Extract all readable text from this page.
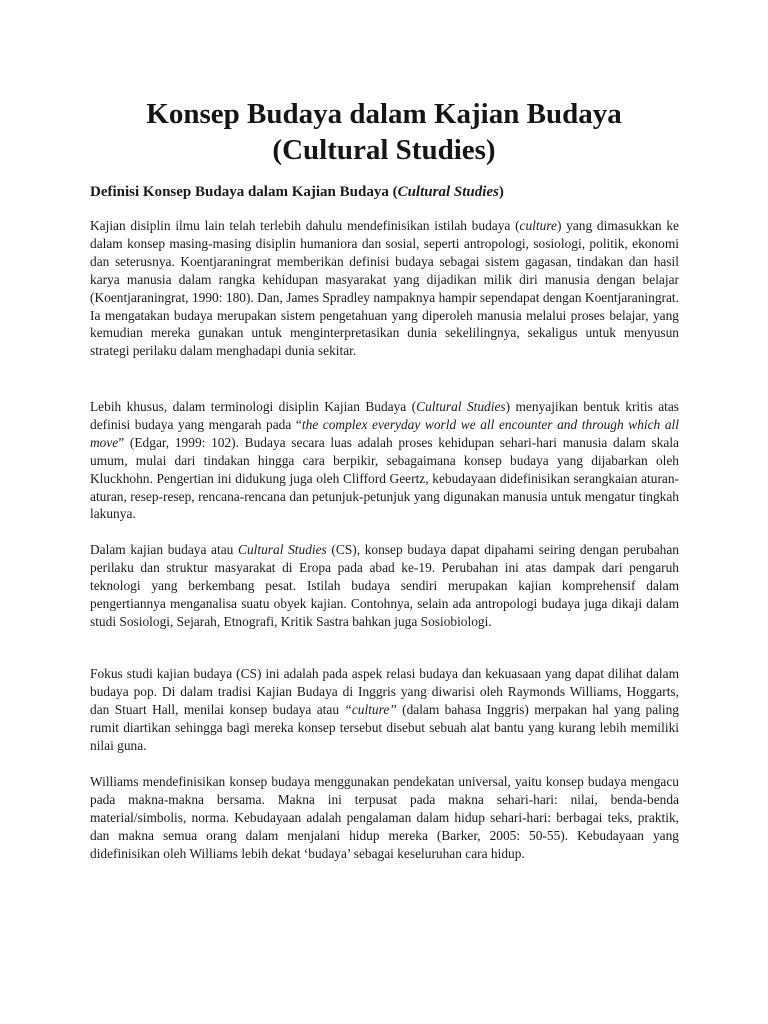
Konsep Budaya dalam Kajian Budaya
(Cultural Studies)
Definisi Konsep Budaya dalam Kajian Budaya (Cultural Studies)

Kajian disiplin ilmu lain telah terlebih dahulu mendefinisikan istilah budaya (culture) yang dimasukkan ke dalam konsep masing-masing disiplin humaniora dan sosial, seperti antropologi, sosiologi, politik, ekonomi dan seterusnya. Koentjaraningrat memberikan definisi budaya sebagai sistem gagasan, tindakan dan hasil karya manusia dalam rangka kehidupan masyarakat yang dijadikan milik diri manusia dengan belajar (Koentjaraningrat, 1990: 180). Dan, James Spradley nampaknya hampir sependapat dengan Koentjaraningrat. Ia mengatakan budaya merupakan sistem pengetahuan yang diperoleh manusia melalui proses belajar, yang kemudian mereka gunakan untuk menginterpretasikan dunia sekelilingnya, sekaligus untuk menyusun strategi perilaku dalam menghadapi dunia sekitar.

Lebih khusus, dalam terminologi disiplin Kajian Budaya (Cultural Studies) menyajikan bentuk kritis atas definisi budaya yang mengarah pada “the complex everyday world we all encounter and through which all move” (Edgar, 1999: 102). Budaya secara luas adalah proses kehidupan sehari-hari manusia dalam skala umum, mulai dari tindakan hingga cara berpikir, sebagaimana konsep budaya yang dijabarkan oleh Kluckhohn. Pengertian ini didukung juga oleh Clifford Geertz, kebudayaan didefinisikan serangkaian aturan-aturan, resep-resep, rencana-rencana dan petunjuk-petunjuk yang digunakan manusia untuk mengatur tingkah lakunya.

Dalam kajian budaya atau Cultural Studies (CS), konsep budaya dapat dipahami seiring dengan perubahan perilaku dan struktur masyarakat di Eropa pada abad ke-19. Perubahan ini atas dampak dari pengaruh teknologi yang berkembang pesat. Istilah budaya sendiri merupakan kajian komprehensif dalam pengertiannya menganalisa suatu obyek kajian. Contohnya, selain ada antropologi budaya juga dikaji dalam studi Sosiologi, Sejarah, Etnografi, Kritik Sastra bahkan juga Sosiobiologi.

Fokus studi kajian budaya (CS) ini adalah pada aspek relasi budaya dan kekuasaan yang dapat dilihat dalam budaya pop. Di dalam tradisi Kajian Budaya di Inggris yang diwarisi oleh Raymonds Williams, Hoggarts, dan Stuart Hall, menilai konsep budaya atau “culture” (dalam bahasa Inggris) merpakan hal yang paling rumit diartikan sehingga bagi mereka konsep tersebut disebut sebuah alat bantu yang kurang lebih memiliki nilai guna.

Williams mendefinisikan konsep budaya menggunakan pendekatan universal, yaitu konsep budaya mengacu pada makna-makna bersama. Makna ini terpusat pada makna sehari-hari: nilai, benda-benda material/simbolis, norma. Kebudayaan adalah pengalaman dalam hidup sehari-hari: berbagai teks, praktik, dan makna semua orang dalam menjalani hidup mereka (Barker, 2005: 50-55). Kebudayaan yang didefinisikan oleh Williams lebih dekat ‘budaya’ sebagai keseluruhan cara hidup.
